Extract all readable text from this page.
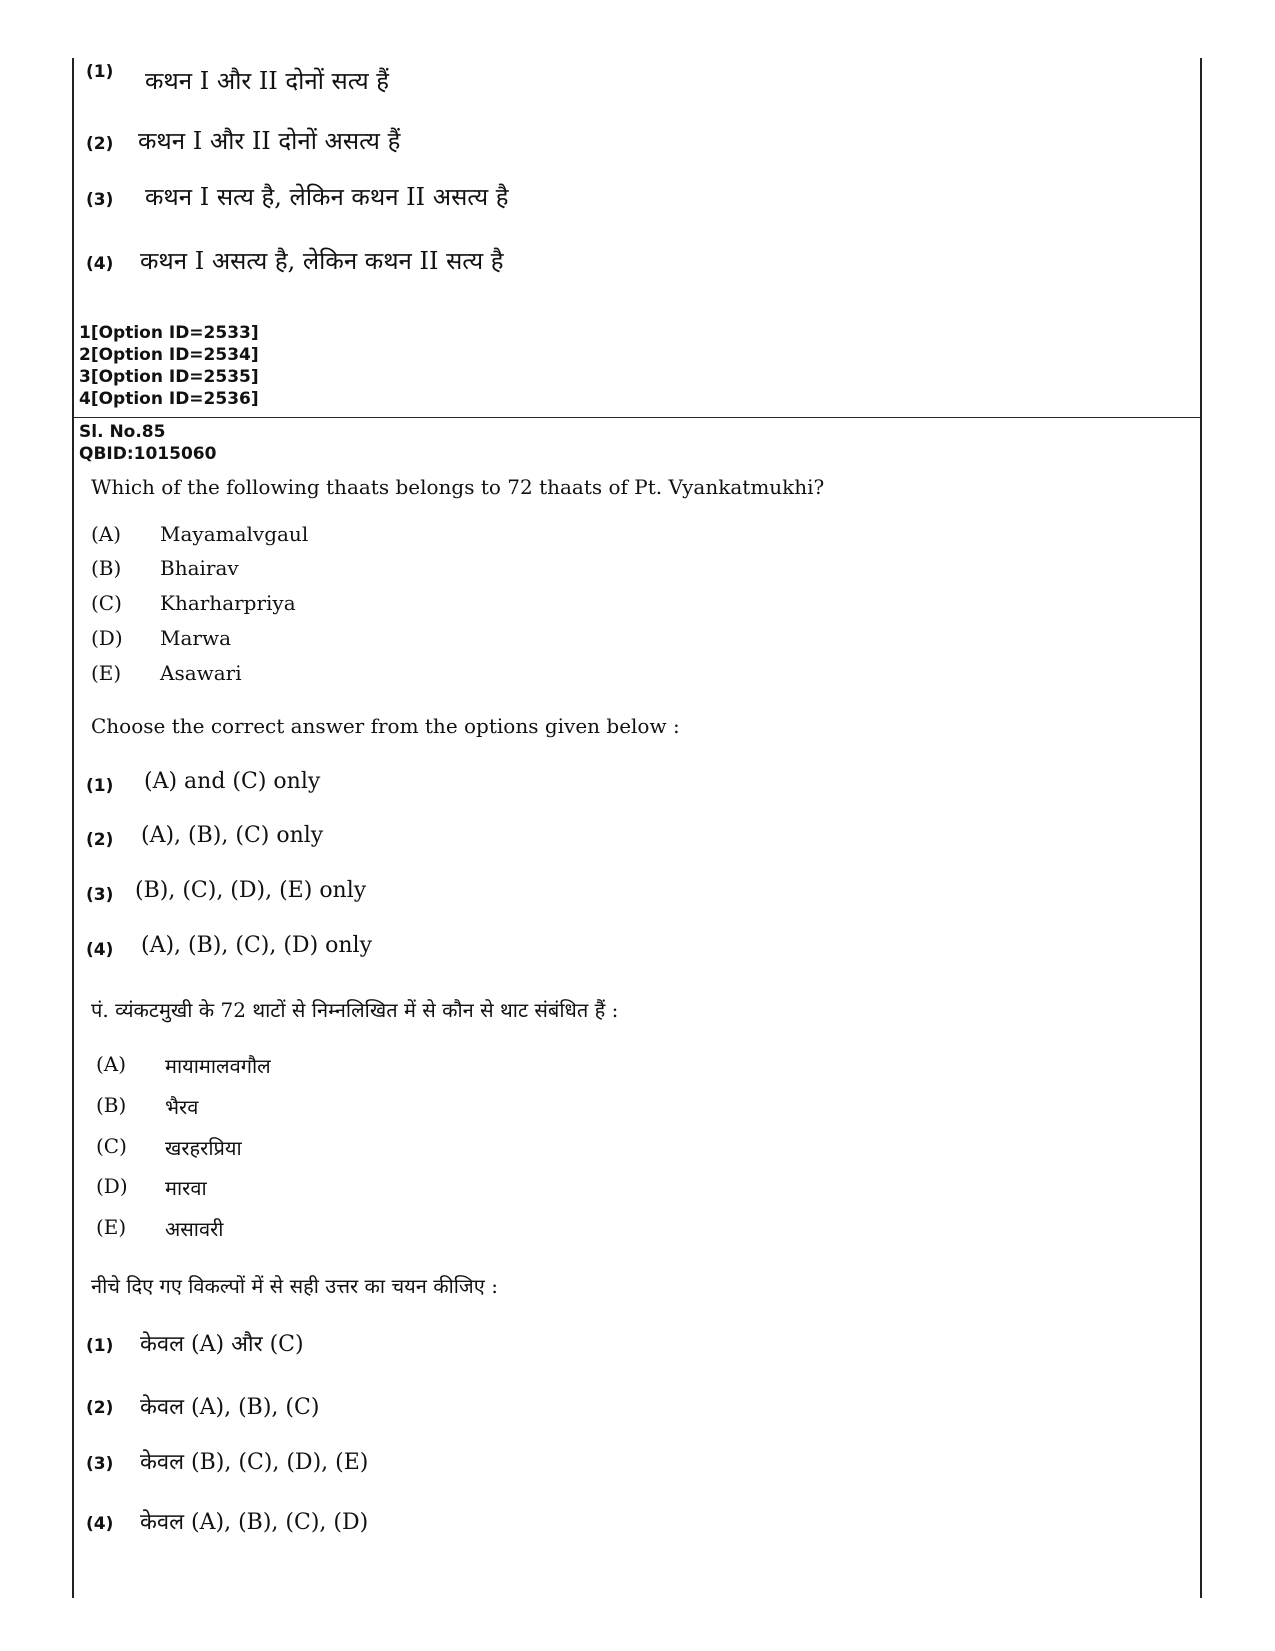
(1) कथन I और II दोनों सत्य हैं
(2) कथन I और II दोनों असत्य हैं
(3) कथन I सत्य है, लेकिन कथन II असत्य है
(4) कथन I असत्य है, लेकिन कथन II सत्य है
1[Option ID=2533]
2[Option ID=2534]
3[Option ID=2535]
4[Option ID=2536]
Sl. No.85
QBID:1015060
Which of the following thaats belongs to 72 thaats of Pt. Vyankatmukhi?
(A) Mayamalvgaul
(B) Bhairav
(C) Kharharpriya
(D) Marwa
(E) Asawari
Choose the correct answer from the options given below :
(1) (A) and (C) only
(2) (A), (B), (C) only
(3) (B), (C), (D), (E) only
(4) (A), (B), (C), (D) only
पं. व्यंकटमुखी के 72 थाटों से निम्नलिखित में से कौन से थाट संबंधित हैं :
(A) मायामालवगौल
(B) भैरव
(C) खरहरप्रिया
(D) मारवा
(E) असावरी
नीचे दिए गए विकल्पों में से सही उत्तर का चयन कीजिए :
(1) केवल (A) और (C)
(2) केवल (A), (B), (C)
(3) केवल (B), (C), (D), (E)
(4) केवल (A), (B), (C), (D)
